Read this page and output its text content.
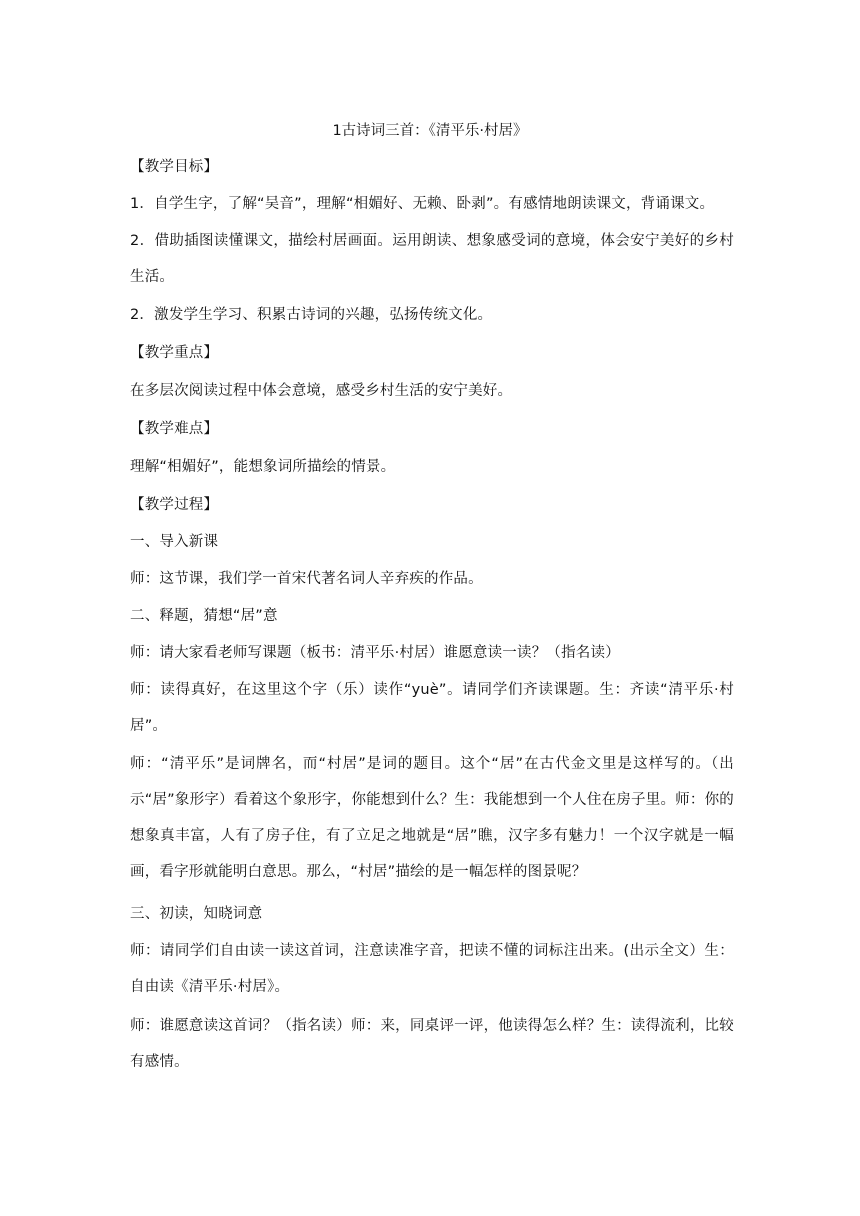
1古诗词三首：《清平乐·村居》

【教学目标】

1．自学生字，了解“吴音”，理解“相媚好、无赖、卧剥”。有感情地朗读课文，背诵课文。

2．借助插图读懂课文，描绘村居画面。运用朗读、想象感受词的意境，体会安宁美好的乡村生活。

2．激发学生学习、积累古诗词的兴趣，弘扬传统文化。

【教学重点】

在多层次阅读过程中体会意境，感受乡村生活的安宁美好。

【教学难点】

理解“相媚好”，能想象词所描绘的情景。

【教学过程】

一、导入新课

师：这节课，我们学一首宋代著名词人辛弃疾的作品。

二、释题，猜想“居”意

师：请大家看老师写课题（板书：清平乐·村居）谁愿意读一读？（指名读）

师：读得真好，在这里这个字（乐）读作“yuè”。请同学们齐读课题。生：齐读“清平乐·村居”。

师：“清平乐”是词牌名，而“村居”是词的题目。这个“居”在古代金文里是这样写的。（出示“居”象形字）看着这个象形字，你能想到什么？生：我能想到一个人住在房子里。师：你的想象真丰富，人有了房子住，有了立足之地就是“居”瞧，汉字多有魅力！一个汉字就是一幅画，看字形就能明白意思。那么，“村居”描绘的是一幅怎样的图景呢？

三、初读，知晓词意

师：请同学们自由读一读这首词，注意读准字音，把读不懂的词标注出来。(出示全文）生：自由读《清平乐·村居》。

师：谁愿意读这首词？（指名读）师：来，同桌评一评，他读得怎么样？生：读得流利，比较有感情。
